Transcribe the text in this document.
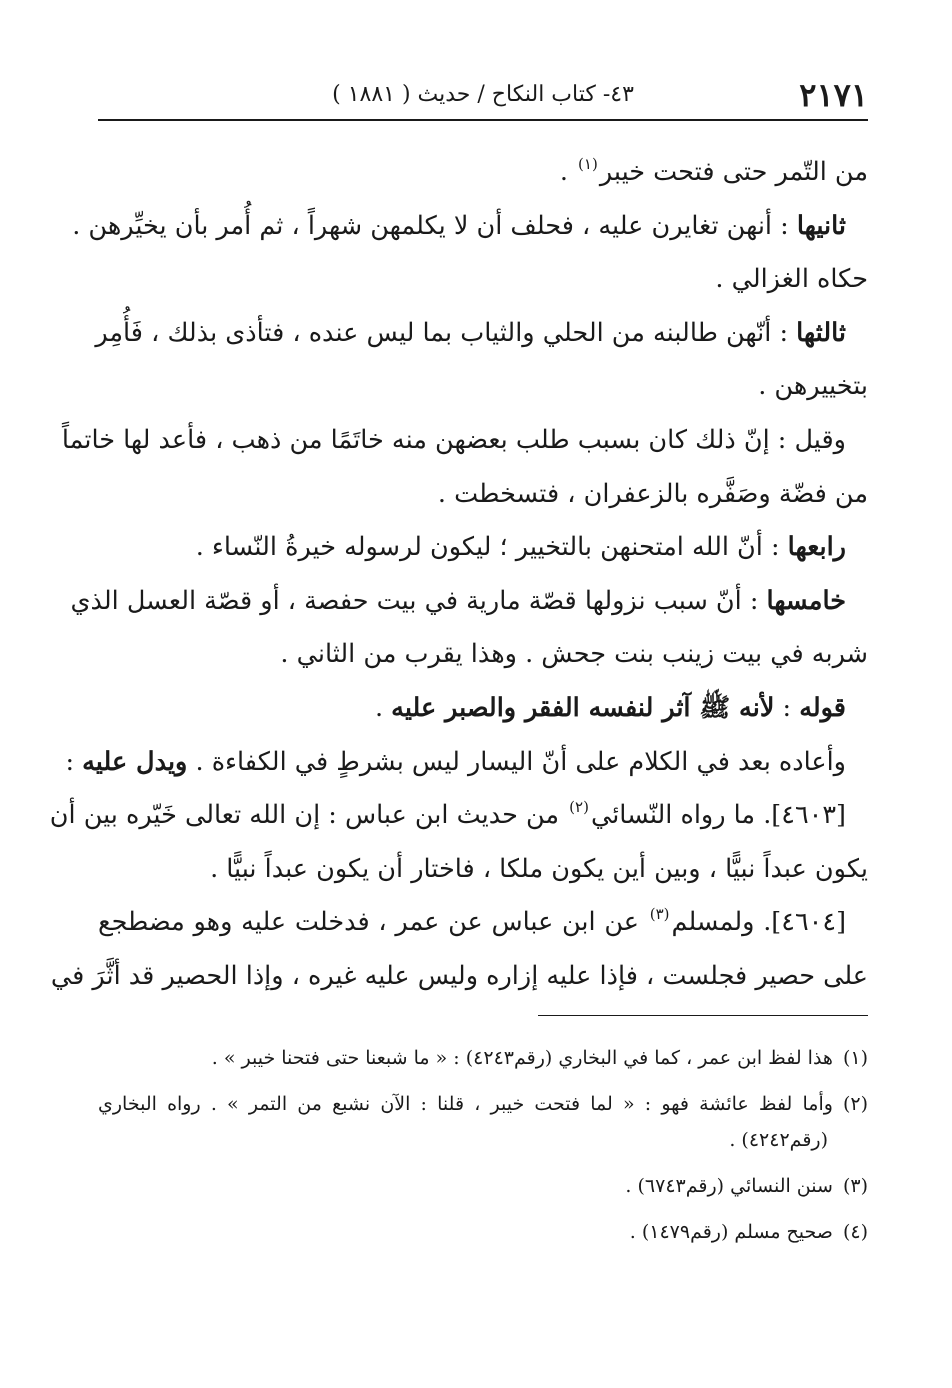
٢١٧١
٤٣- كتاب النكاح / حديث ( ١٨٨١ )
من التّمر حتى فتحت خيبر$^{(١)}$ .
ثانيها : أنهن تغايرن عليه ، فحلف أن لا يكلمهن شهراً ، ثم أُمر بأن يخيِّرهن .
حكاه الغزالي .
ثالثها : أنّهن طالبنه من الحلي والثياب بما ليس عنده ، فتأذى بذلك ، فَأُمِر
بتخييرهن .
وقيل : إنّ ذلك كان بسبب طلب بعضهن منه خاتَمًا من ذهب ، فأعد لها خاتماً
من فضّة وصَفَّره بالزعفران ، فتسخطت .
رابعها : أنّ الله امتحنهن بالتخيير ؛ ليكون لرسوله خيرةُ النّساء .
خامسها : أنّ سبب نزولها قصّة مارية في بيت حفصة ، أو قصّة العسل الذي
شربه في بيت زينب بنت جحش . وهذا يقرب من الثاني .
قوله : لأنه ﷺ آثر لنفسه الفقر والصبر عليه .
وأعاده بعد في الكلام على أنّ اليسار ليس بشرطٍ في الكفاءة . ويدل عليه :
[٤٦٠٣]. ما رواه النّسائي$^{(٢)}$ من حديث ابن عباس : إن الله تعالى خَيّره بين أن
يكون عبداً نبيًّا ، وبين أين يكون ملكا ، فاختار أن يكون عبداً نبيًّا .
[٤٦٠٤]. ولمسلم$^{(٣)}$ عن ابن عباس عن عمر ، فدخلت عليه وهو مضطجع
على حصير فجلست ، فإذا عليه إزاره وليس عليه غيره ، وإذا الحصير قد أثَّرَ في
(١)هذا لفظ ابن عمر ، كما في البخاري (رقم٤٢٤٣) : « ما شبعنا حتى فتحنا خيبر » .
(٢)وأما لفظ عائشة فهو : « لما فتحت خيبر ، قلنا : الآن نشبع من التمر » . رواه البخاري
(رقم٤٢٤٢) .
(٣)سنن النسائي (رقم٦٧٤٣) .
(٤)صحيح مسلم (رقم١٤٧٩) .
